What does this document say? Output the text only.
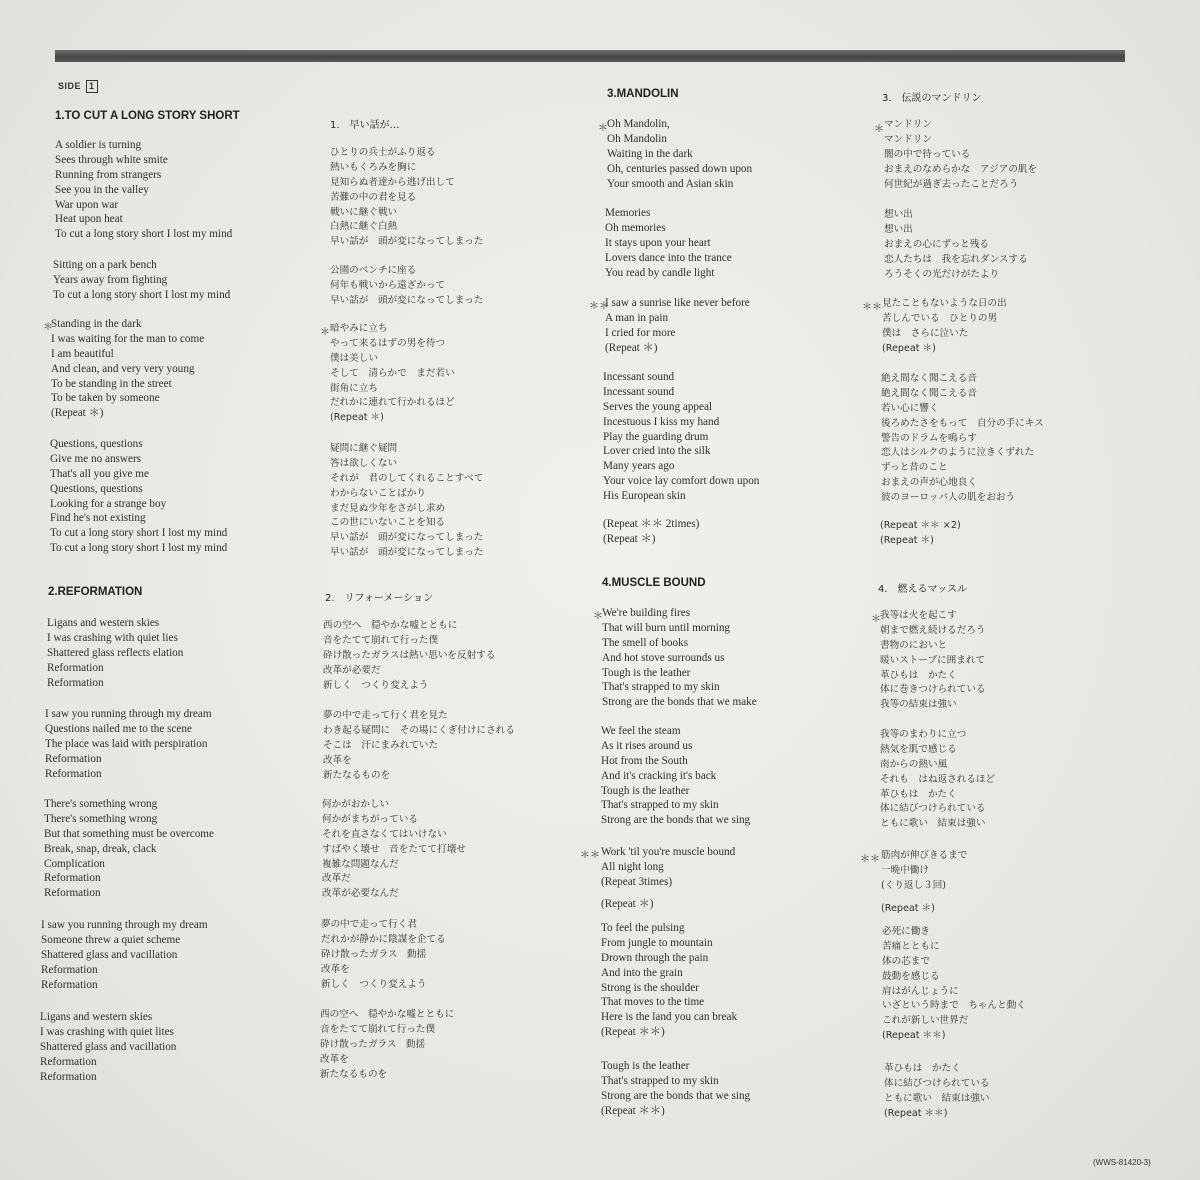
SIDE 1
1.TO CUT A LONG STORY SHORT
A soldier is turning
Sees through white smite
Running from strangers
See you in the valley
War upon war
Heat upon heat
To cut a long story short I lost my mind
Sitting on a park bench
Years away from fighting
To cut a long story short I lost my mind
＊
Standing in the dark
I was waiting for the man to come
I am beautiful
And clean, and very very young
To be standing in the street
To be taken by someone
(Repeat ＊)
Questions, questions
Give me no answers
That's all you give me
Questions, questions
Looking for a strange boy
Find he's not existing
To cut a long story short I lost my mind
To cut a long story short I lost my mind
2.REFORMATION
Ligans and western skies
I was crashing with quiet lies
Shattered glass reflects elation
Reformation
Reformation
I saw you running through my dream
Questions nailed me to the scene
The place was laid with perspiration
Reformation
Reformation
There's something wrong
There's something wrong
But that something must be overcome
Break, snap, dreak, clack
Complication
Reformation
Reformation
I saw you running through my dream
Someone threw a quiet scheme
Shattered glass and vacillation
Reformation
Reformation
Ligans and western skies
I was crashing with quiet lites
Shattered glass and vacillation
Reformation
Reformation
1.　早い話が…
ひとりの兵士がふり返る
熱いもくろみを胸に
見知らぬ者達から逃げ出して
苦難の中の君を見る
戦いに継ぐ戦い
白熱に継ぐ白熱
早い話が　頭が変になってしまった
公園のベンチに座る
何年も戦いから遠ざかって
早い話が　頭が変になってしまった
＊ 暗やみに立ち
やって来るはずの男を待つ
僕は美しい
そして　清らかで　まだ若い
街角に立ち
だれかに連れて行かれるほど
(Repeat ＊)
疑問に継ぐ疑問
答は欲しくない
それが　君のしてくれることすべて
わからないことばかり
まだ見ぬ少年をさがし求め
この世にいないことを知る
早い話が　頭が変になってしまった
早い話が　頭が変になってしまった
2.　リフォーメーション
西の空へ　穏やかな嘘とともに
音をたてて崩れて行った僕
砕け散ったガラスは熱い思いを反射する
改革が必要だ
新しく　つくり変えよう
夢の中で走って行く君を見た
わき起る疑問に　その場にくぎ付けにされる
そこは　汗にまみれていた
改革を
新たなるものを
何かがおかしい
何かがまちがっている
それを直さなくてはいけない
すばやく壊せ　音をたてて打壊せ
複雑な問題なんだ
改革だ
改革が必要なんだ
夢の中で走って行く君
だれかが静かに陰謀を企てる
砕け散ったガラス　動揺
改革を
新しく　つくり変えよう
西の空へ　穏やかな嘘とともに
音をたてて崩れて行った僕
砕け散ったガラス　動揺
改革を
新たなるものを
3.MANDOLIN
＊ Oh Mandolin,
Oh Mandolin
Waiting in the dark
Oh, centuries passed down upon
Your smooth and Asian skin
Memories
Oh memories
It stays upon your heart
Lovers dance into the trance
You read by candle light
＊＊
I saw a sunrise like never before
A man in pain
I cried for more
(Repeat ＊)
Incessant sound
Incessant sound
Serves the young appeal
Incestuous I kiss my hand
Play the guarding drum
Lover cried into the silk
Many years ago
Your voice lay comfort down upon
His European skin
(Repeat ＊＊ 2times)
(Repeat ＊)
4.MUSCLE BOUND
＊ We're building fires
That will burn until morning
The smell of books
And hot stove surrounds us
Tough is the leather
That's strapped to my skin
Strong are the bonds that we make
We feel the steam
As it rises around us
Hot from the South
And it's cracking it's back
Tough is the leather
That's strapped to my skin
Strong are the bonds that we sing
＊＊ Work 'til you're muscle bound
All night long
(Repeat 3times)
(Repeat ＊)
To feel the pulsing
From jungle to mountain
Drown through the pain
And into the grain
Strong is the shoulder
That moves to the time
Here is the land you can break
(Repeat ＊＊)
Tough is the leather
That's strapped to my skin
Strong are the bonds that we sing
(Repeat ＊＊)
3.　伝説のマンドリン
＊ マンドリン
マンドリン
闇の中で待っている
おまえのなめらかな　アジアの肌を
何世紀が過ぎ去ったことだろう
想い出
想い出
おまえの心にずっと残る
恋人たちは　我を忘れダンスする
ろうそくの光だけがたより
＊＊ 見たこともないような日の出
苦しんでいる　ひとりの男
僕は　さらに泣いた
(Repeat ＊)
絶え間なく聞こえる音
絶え間なく聞こえる音
若い心に響く
後ろめたさをもって　自分の手にキス
警告のドラムを鳴らす
恋人はシルクのように泣きくずれた
ずっと昔のこと
おまえの声が心地良く
彼のヨーロッパ人の肌をおおう
(Repeat ＊＊ ×2)
(Repeat ＊)
4.　燃えるマッスル
＊ 我等は火を起こす
朝まで燃え続けるだろう
書物のにおいと
暖いストーブに囲まれて
革ひもは　かたく
体に巻きつけられている
我等の結束は強い
我等のまわりに立つ
熱気を肌で感じる
南からの熱い風
それも　はね返されるほど
革ひもは　かたく
体に結びつけられている
ともに歌い　結束は強い
＊＊ 筋肉が伸びきるまで
一晩中働け
(くり返し３回)
(Repeat ＊)
必死に働き
苦痛とともに
体の芯まで
鼓動を感じる
肩はがんじょうに
いざという時まで　ちゃんと動く
これが新しい世界だ
(Repeat ＊＊)
革ひもは　かたく
体に結びつけられている
ともに歌い　結束は強い
(Repeat ＊＊)
(WWS-81420-3)
